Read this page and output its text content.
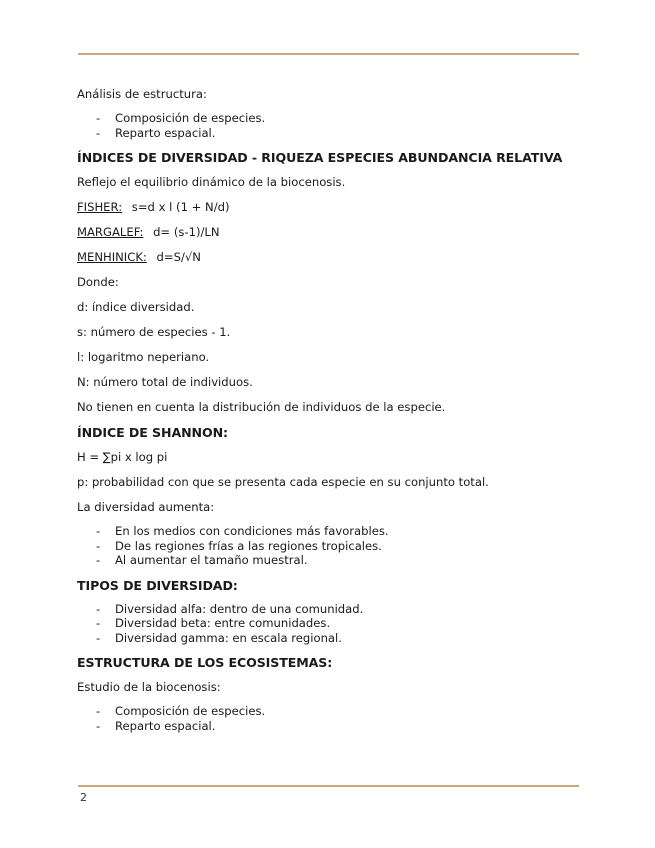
Análisis de estructura:

- Composición de especies.
- Reparto espacial.
ÍNDICES DE DIVERSIDAD - RIQUEZA ESPECIES ABUNDANCIA RELATIVA

Reflejo el equilibrio dinámico de la biocenosis.

FISHER: s=d x l (1 + N/d)

MARGALEF: d= (s-1)/LN

MENHINICK: d=S/√N

Donde:

d: índice diversidad.

s: número de especies - 1.

l: logaritmo neperiano.

N: número total de individuos.

No tienen en cuenta la distribución de individuos de la especie.

ÍNDICE DE SHANNON:

H = ∑pi x log pi

p: probabilidad con que se presenta cada especie en su conjunto total.

La diversidad aumenta:

- En los medios con condiciones más favorables.
- De las regiones frías a las regiones tropicales.
- Al aumentar el tamaño muestral.
TIPOS DE DIVERSIDAD:
- Diversidad alfa: dentro de una comunidad.
- Diversidad beta: entre comunidades.
- Diversidad gamma: en escala regional.
ESTRUCTURA DE LOS ECOSISTEMAS:

Estudio de la biocenosis:

- Composición de especies.
- Reparto espacial.
2
